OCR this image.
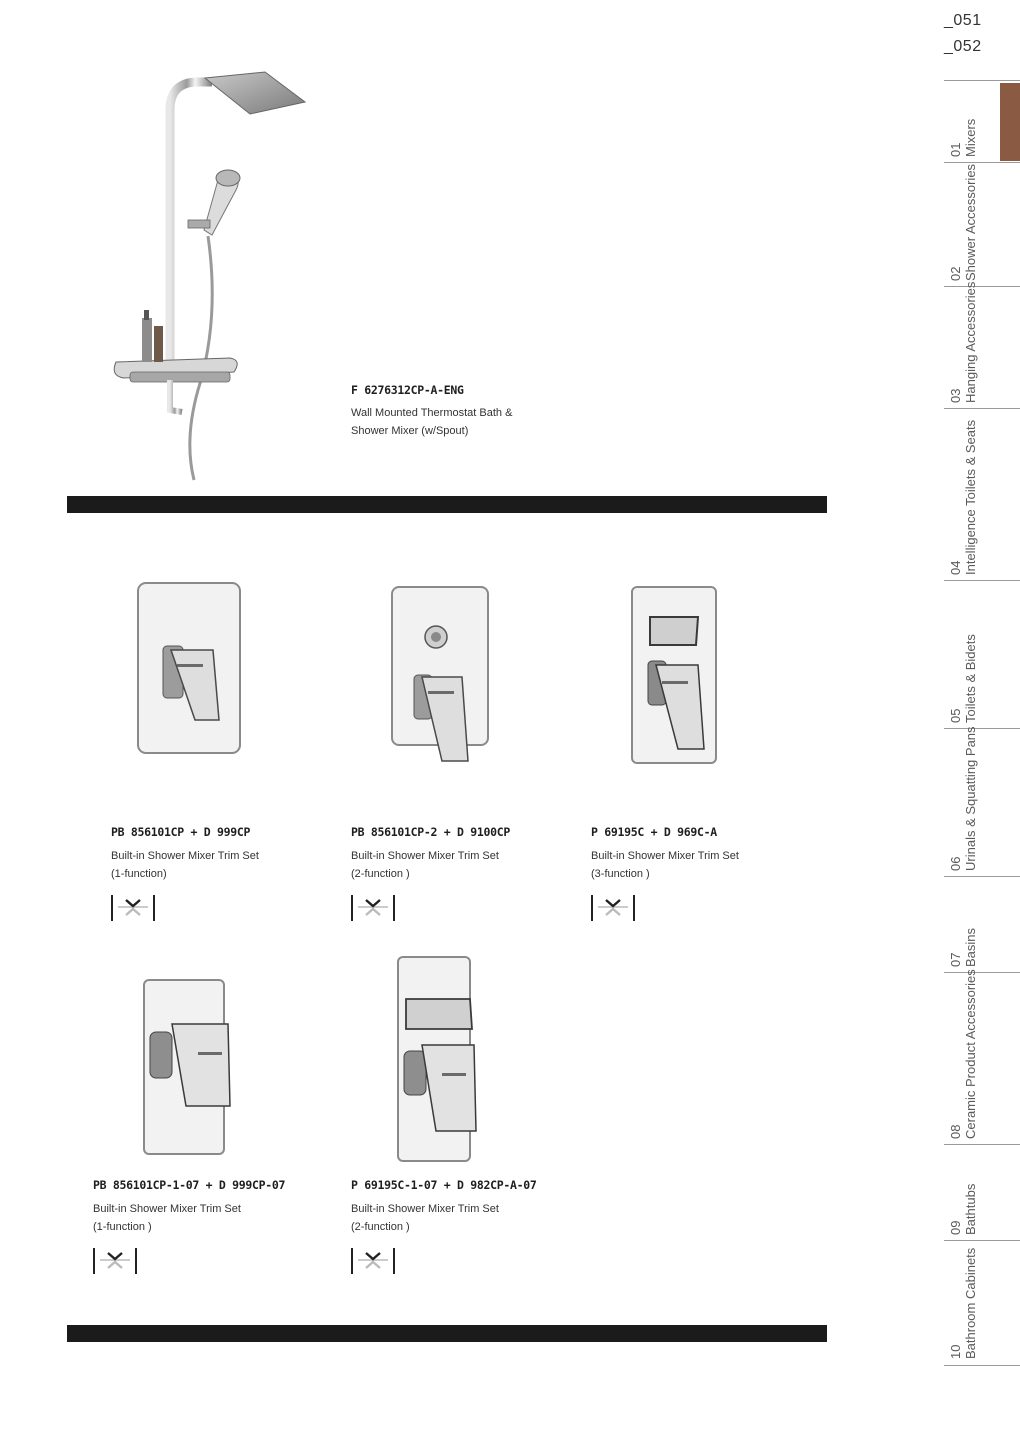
_051
_052
01 Mixers
02 Shower Accessories
03 Hanging Accessories
04 Intelligence Toilets & Seats
05 Toilets & Bidets
06 Urinals & Squatting Pans
07 Basins
08 Ceramic Product Accessories
09 Bathtubs
10 Bathroom Cabinets
F 6276312CP-A-ENG
Wall Mounted Thermostat Bath &
Shower Mixer (w/Spout)
PB 856101CP + D 999CP
Built-in Shower Mixer Trim Set
(1-function)
PB 856101CP-2 + D 9100CP
Built-in Shower Mixer Trim Set
(2-function )
P 69195C + D 969C-A
Built-in Shower Mixer Trim Set
(3-function )
PB 856101CP-1-07 + D 999CP-07
Built-in Shower Mixer Trim Set
(1-function )
P 69195C-1-07 + D 982CP-A-07
Built-in Shower Mixer Trim Set
(2-function )
